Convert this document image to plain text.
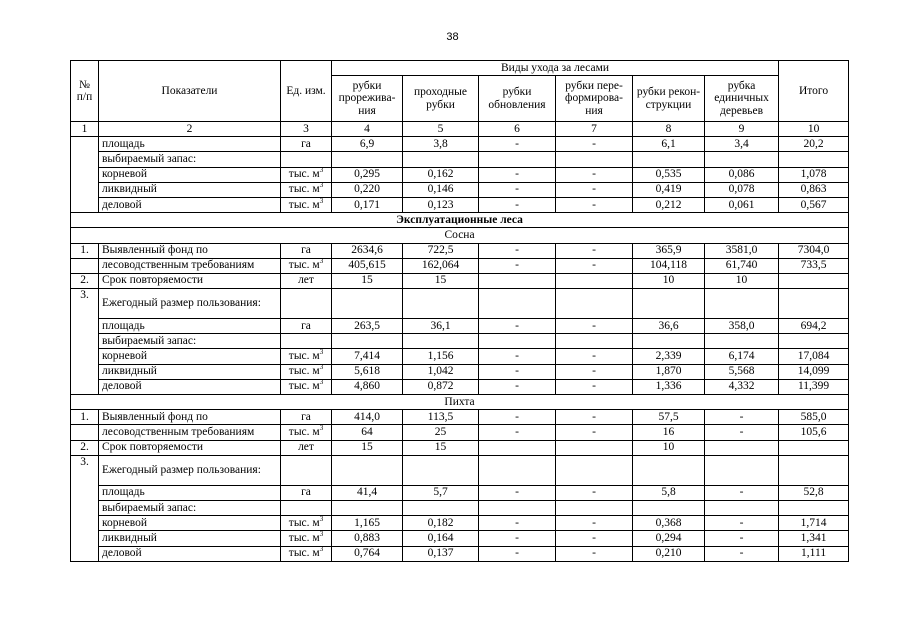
38
№ п/п	Показатели	Ед. изм.	Виды ухода за лесами						Итого
			рубки прорежива-ния	проходные рубки	рубки обновления	рубки пере-формирова-ния	рубки рекон-струкции	рубка единичных деревьев	
1	2	3	4	5	6	7	8	9	10
	площадь	га	6,9	3,8	-	-	6,1	3,4	20,2
	выбираемый запас:								
	корневой	тыс. $м^3$	0,295	0,162	-	-	0,535	0,086	1,078
	ликвидный	тыс. $м^3$	0,220	0,146	-	-	0,419	0,078	0,863
	деловой	тыс. $м^3$	0,171	0,123	-	-	0,212	0,061	0,567
Эксплуатационные леса									
Сосна									
1.	Выявленный фонд по	га	2634,6	722,5	-	-	365,9	3581,0	7304,0
	лесоводственным требованиям	тыс. $м^3$	405,615	162,064	-	-	104,118	61,740	733,5
2.	Срок повторяемости	лет	15	15			10	10	
3.	Ежегодный размер пользования:								
	площадь	га	263,5	36,1	-	-	36,6	358,0	694,2
	выбираемый запас:								
	корневой	тыс. $м^3$	7,414	1,156	-	-	2,339	6,174	17,084
	ликвидный	тыс. $м^3$	5,618	1,042	-	-	1,870	5,568	14,099
	деловой	тыс. $м^3$	4,860	0,872	-	-	1,336	4,332	11,399
Пихта									
1.	Выявленный фонд по	га	414,0	113,5	-	-	57,5	-	585,0
	лесоводственным требованиям	тыс. $м^3$	64	25	-	-	16	-	105,6
2.	Срок повторяемости	лет	15	15			10		
3.	Ежегодный размер пользования:								
	площадь	га	41,4	5,7	-	-	5,8	-	52,8
	выбираемый запас:								
	корневой	тыс. $м^3$	1,165	0,182	-	-	0,368	-	1,714
	ликвидный	тыс. $м^3$	0,883	0,164	-	-	0,294	-	1,341
	деловой	тыс. $м^3$	0,764	0,137	-	-	0,210	-	1,111
